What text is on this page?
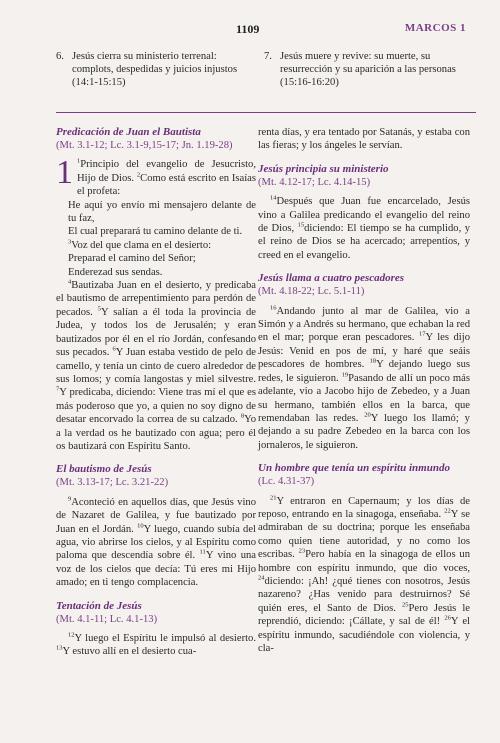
1109	MARCOS 1
6. Jesús cierra su ministerio terrenal: complots, despedidas y juicios injustos (14:1-15:15)
7. Jesús muere y revive: su muerte, su resurrección y su aparición a las personas (15:16-16:20)

Predicación de Juan el Bautista

(Mt. 3.1-12; Lc. 3.1-9,15-17; Jn. 1.19-28)

1 $^1$Principio del evangelio de Jesucristo, Hijo de Dios. $^2$Como está escrito en Isaías el profeta:

He aquí yo envío mi mensajero delante de tu faz,

El cual preparará tu camino delante de ti.

$^3$Voz del que clama en el desierto:

Preparad el camino del Señor;

Enderezad sus sendas.

$^4$Bautizaba Juan en el desierto, y predicaba el bautismo de arrepentimiento para perdón de pecados. $^5$Y salían a él toda la provincia de Judea, y todos los de Jerusalén; y eran bautizados por él en el río Jordán, confesando sus pecados. $^6$Y Juan estaba vestido de pelo de camello, y tenía un cinto de cuero alrededor de sus lomos; y comía langostas y miel silvestre. $^7$Y predicaba, diciendo: Viene tras mí el que es más poderoso que yo, a quien no soy digno de desatar encorvado la correa de su calzado. $^8$Yo a la verdad os he bautizado con agua; pero él os bautizará con Espíritu Santo.

El bautismo de Jesús

(Mt. 3.13-17; Lc. 3.21-22)

$^9$Aconteció en aquellos días, que Jesús vino de Nazaret de Galilea, y fue bautizado por Juan en el Jordán. $^{10}$Y luego, cuando subía del agua, vio abrirse los cielos, y al Espíritu como paloma que descendía sobre él. $^{11}$Y vino una voz de los cielos que decía: Tú eres mi Hijo amado; en ti tengo complacencia.

Tentación de Jesús

(Mt. 4.1-11; Lc. 4.1-13)

$^{12}$Y luego el Espíritu le impulsó al desierto. $^{13}$Y estuvo allí en el desierto cua-

renta días, y era tentado por Satanás, y estaba con las fieras; y los ángeles le servían.

Jesús principia su ministerio

(Mt. 4.12-17; Lc. 4.14-15)

$^{14}$Después que Juan fue encarcelado, Jesús vino a Galilea predicando el evangelio del reino de Dios, $^{15}$diciendo: El tiempo se ha cumplido, y el reino de Dios se ha acercado; arrepentíos, y creed en el evangelio.

Jesús llama a cuatro pescadores

(Mt. 4.18-22; Lc. 5.1-11)

$^{16}$Andando junto al mar de Galilea, vio a Simón y a Andrés su hermano, que echaban la red en el mar; porque eran pescadores. $^{17}$Y les dijo Jesús: Venid en pos de mí, y haré que seáis pescadores de hombres. $^{18}$Y dejando luego sus redes, le siguieron. $^{19}$Pasando de allí un poco más adelante, vio a Jacobo hijo de Zebedeo, y a Juan su hermano, también ellos en la barca, que remendaban las redes. $^{20}$Y luego los llamó; y dejando a su padre Zebedeo en la barca con los jornaleros, le siguieron.

Un hombre que tenía un espíritu inmundo

(Lc. 4.31-37)

$^{21}$Y entraron en Capernaum; y los días de reposo, entrando en la sinagoga, enseñaba. $^{22}$Y se admiraban de su doctrina; porque les enseñaba como quien tiene autoridad, y no como los escribas. $^{23}$Pero había en la sinagoga de ellos un hombre con espíritu inmundo, que dio voces, $^{24}$diciendo: ¡Ah! ¿qué tienes con nosotros, Jesús nazareno? ¿Has venido para destruirnos? Sé quién eres, el Santo de Dios. $^{25}$Pero Jesús le reprendió, diciendo: ¡Cállate, y sal de él! $^{26}$Y el espíritu inmundo, sacudiéndole con violencia, y cla-
